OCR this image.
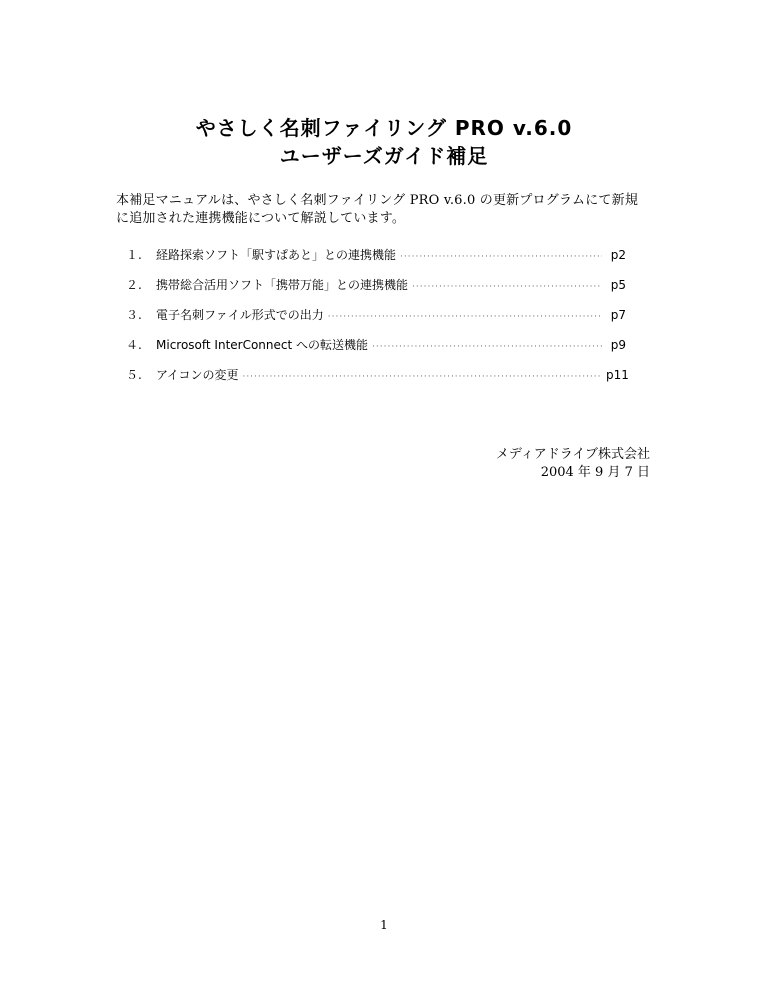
やさしく名刺ファイリング PRO v.6.0
ユーザーズガイド補足
本補足マニュアルは、やさしく名刺ファイリング PRO v.6.0 の更新プログラムにて新規
に追加された連携機能について解説しています。
１.	経路探索ソフト「駅すぱあと」との連携機能 ·····	p2
２.	携帯総合活用ソフト「携帯万能」との連携機能 ·····	p5
３.	電子名刺ファイル形式での出力 ·····	p7
４.	Microsoft InterConnect への転送機能 ·····	p9
５.	アイコンの変更 ·····	p11
メディアドライブ株式会社
2004 年 9 月 7 日
1
